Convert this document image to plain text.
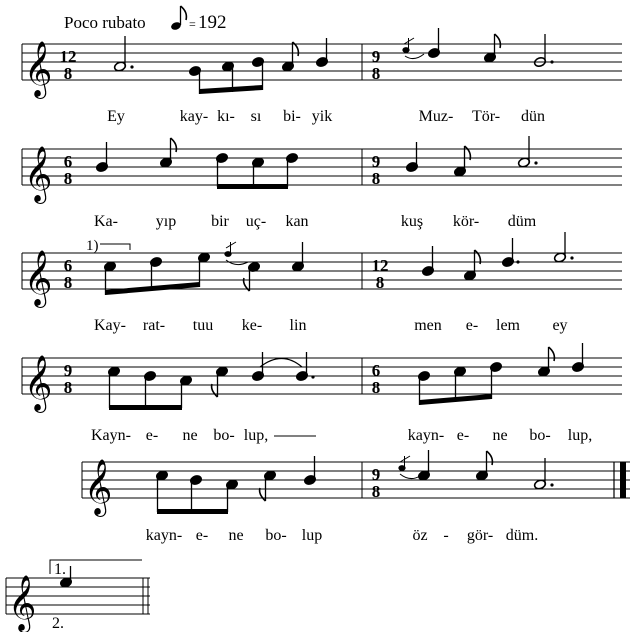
Poco rubato	= 192
𝄞 12
8
9
8
Ey	kay- kı- sı bi- yik	Muz- Tör- dün
𝄞 6
8
9
8
Ka- yıp bir uç- kan	kuş kör- düm
𝄞 6
8
1)
12
8
Kay- rat- tuu ke- lin	men e- lem ey
𝄞 9
8
6
8
Kayn- e- ne bo- lup,	kayn- e- ne bo- lup,
𝄞	9
8
kayn- e- ne bo- lup	öz - gör- düm.
𝄞
1.
2.
